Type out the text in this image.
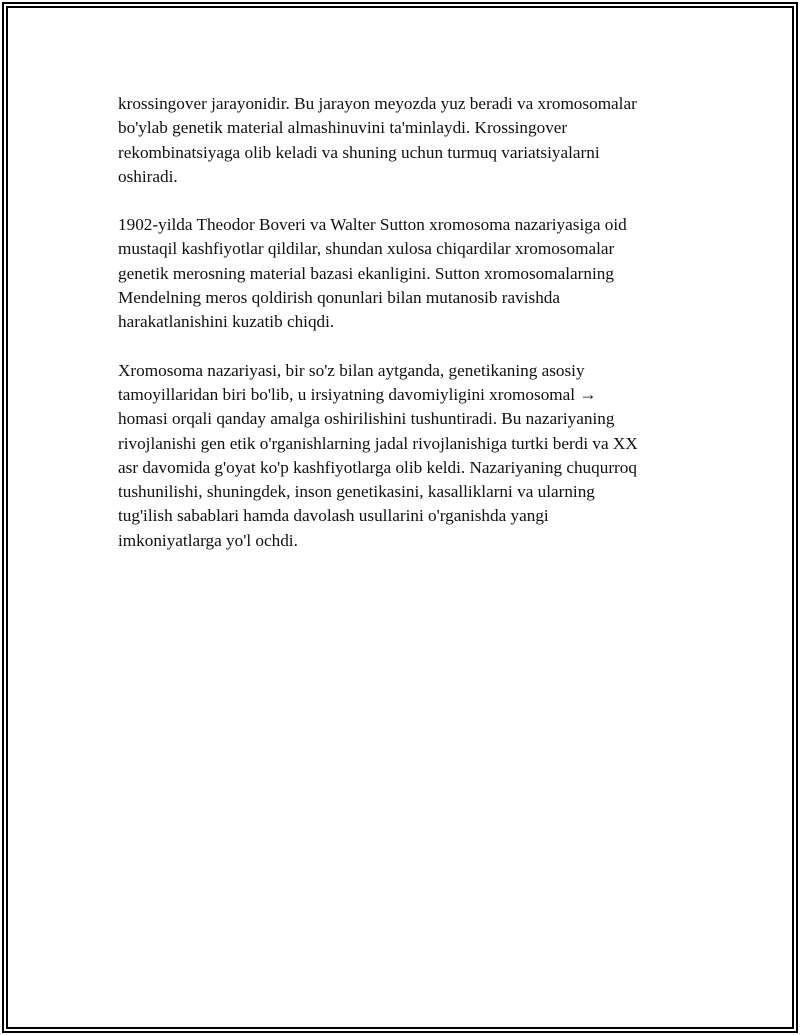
krossingover jarayonidir. Bu jarayon meyozda yuz beradi va xromosomalar
bo'ylab genetik material almashinuvini ta'minlaydi. Krossingover
rekombinatsiyaga olib keladi va shuning uchun turmuq variatsiyalarni
oshiradi.

1902-yilda Theodor Boveri va Walter Sutton xromosoma nazariyasiga oid
mustaqil kashfiyotlar qildilar, shundan xulosa chiqardilar xromosomalar
genetik merosning material bazasi ekanligini. Sutton xromosomalarning
Mendelning meros qoldirish qonunlari bilan mutanosib ravishda
harakatlanishini kuzatib chiqdi.

Xromosoma nazariyasi, bir so'z bilan aytganda, genetikaning asosiy
tamoyillaridan biri bo'lib, u irsiyatning davomiyligini xromosomal →
homasi orqali qanday amalga oshirilishini tushuntiradi. Bu nazariyaning
rivojlanishi gen etik o'rganishlarning jadal rivojlanishiga turtki berdi va XX
asr davomida g'oyat ko'p kashfiyotlarga olib keldi. Nazariyaning chuqurroq
tushunilishi, shuningdek, inson genetikasini, kasalliklarni va ularning
tug'ilish sabablari hamda davolash usullarini o'rganishda yangi
imkoniyatlarga yo'l ochdi.
